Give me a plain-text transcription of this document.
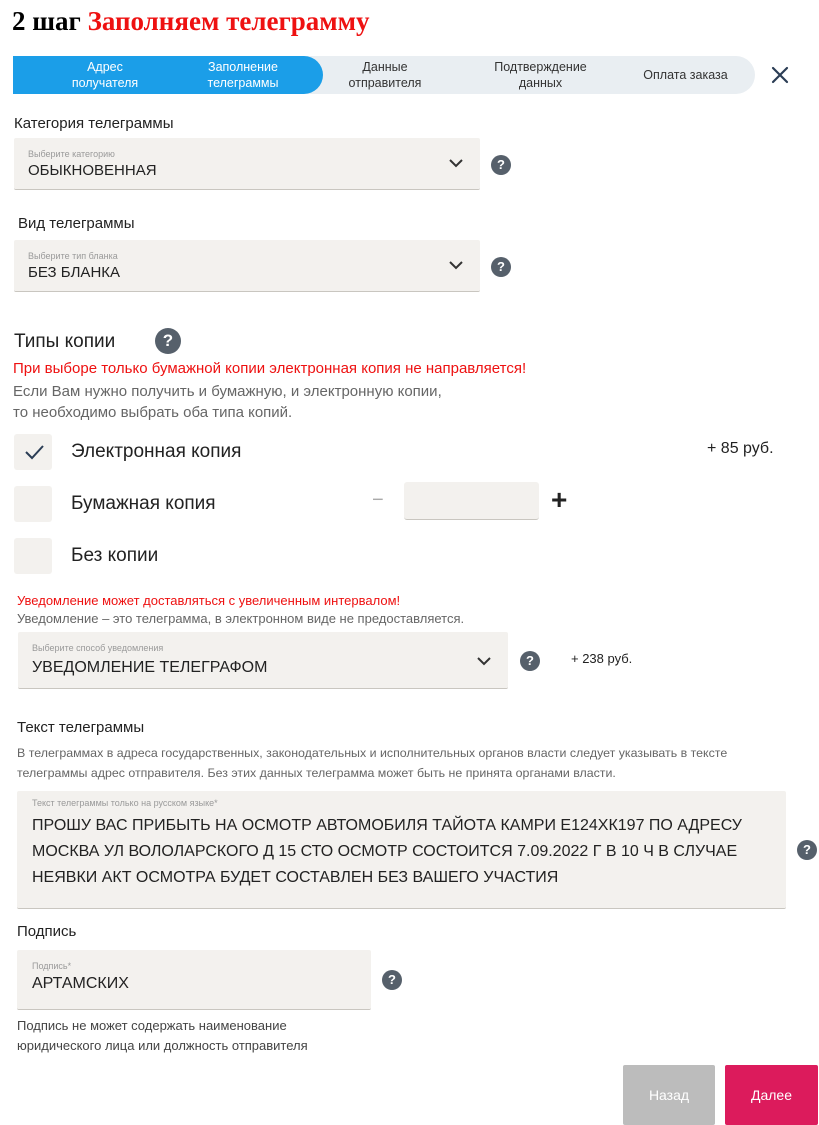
2 шаг Заполняем телеграмму
Адрес
получателя
Заполнение
телеграммы
Данные
отправителя
Подтверждение
данных
Оплата заказа
Категория телеграммы
Выберите категорию
ОБЫКНОВЕННАЯ	?
Вид телеграммы
Выберите тип бланка
БЕЗ БЛАНКА	?
Типы копии	?
При выборе только бумажной копии электронная копия не направляется!
Если Вам нужно получить и бумажную, и электронную копии,
то необходимо выбрать оба типа копий.
Электронная копия	+ 85 руб.
Бумажная копия	−	+
Без копии
Уведомление может доставляться с увеличенным интервалом!
Уведомление – это телеграмма, в электронном виде не предоставляется.
Выберите способ уведомления
УВЕДОМЛЕНИЕ ТЕЛЕГРАФОМ	?	+ 238 руб.
Текст телеграммы
В телеграммах в адреса государственных, законодательных и исполнительных органов власти следует указывать в тексте
телеграммы адрес отправителя. Без этих данных телеграмма может быть не принята органами власти.
Текст телеграммы только на русском языке*
ПРОШУ ВАС ПРИБЫТЬ НА ОСМОТР АВТОМОБИЛЯ ТАЙОТА КАМРИ Е124ХК197 ПО АДРЕСУ МОСКВА УЛ ВОЛОЛАРСКОГО Д 15 СТО ОСМОТР СОСТОИТСЯ 7.09.2022 Г В 10 Ч В СЛУЧАЕ НЕЯВКИ АКТ ОСМОТРА БУДЕТ СОСТАВЛЕН БЕЗ ВАШЕГО УЧАСТИЯ
?
Подпись
Подпись*
АРТАМСКИХ	?
Подпись не может содержать наименование
юридического лица или должность отправителя
Назад	Далее
